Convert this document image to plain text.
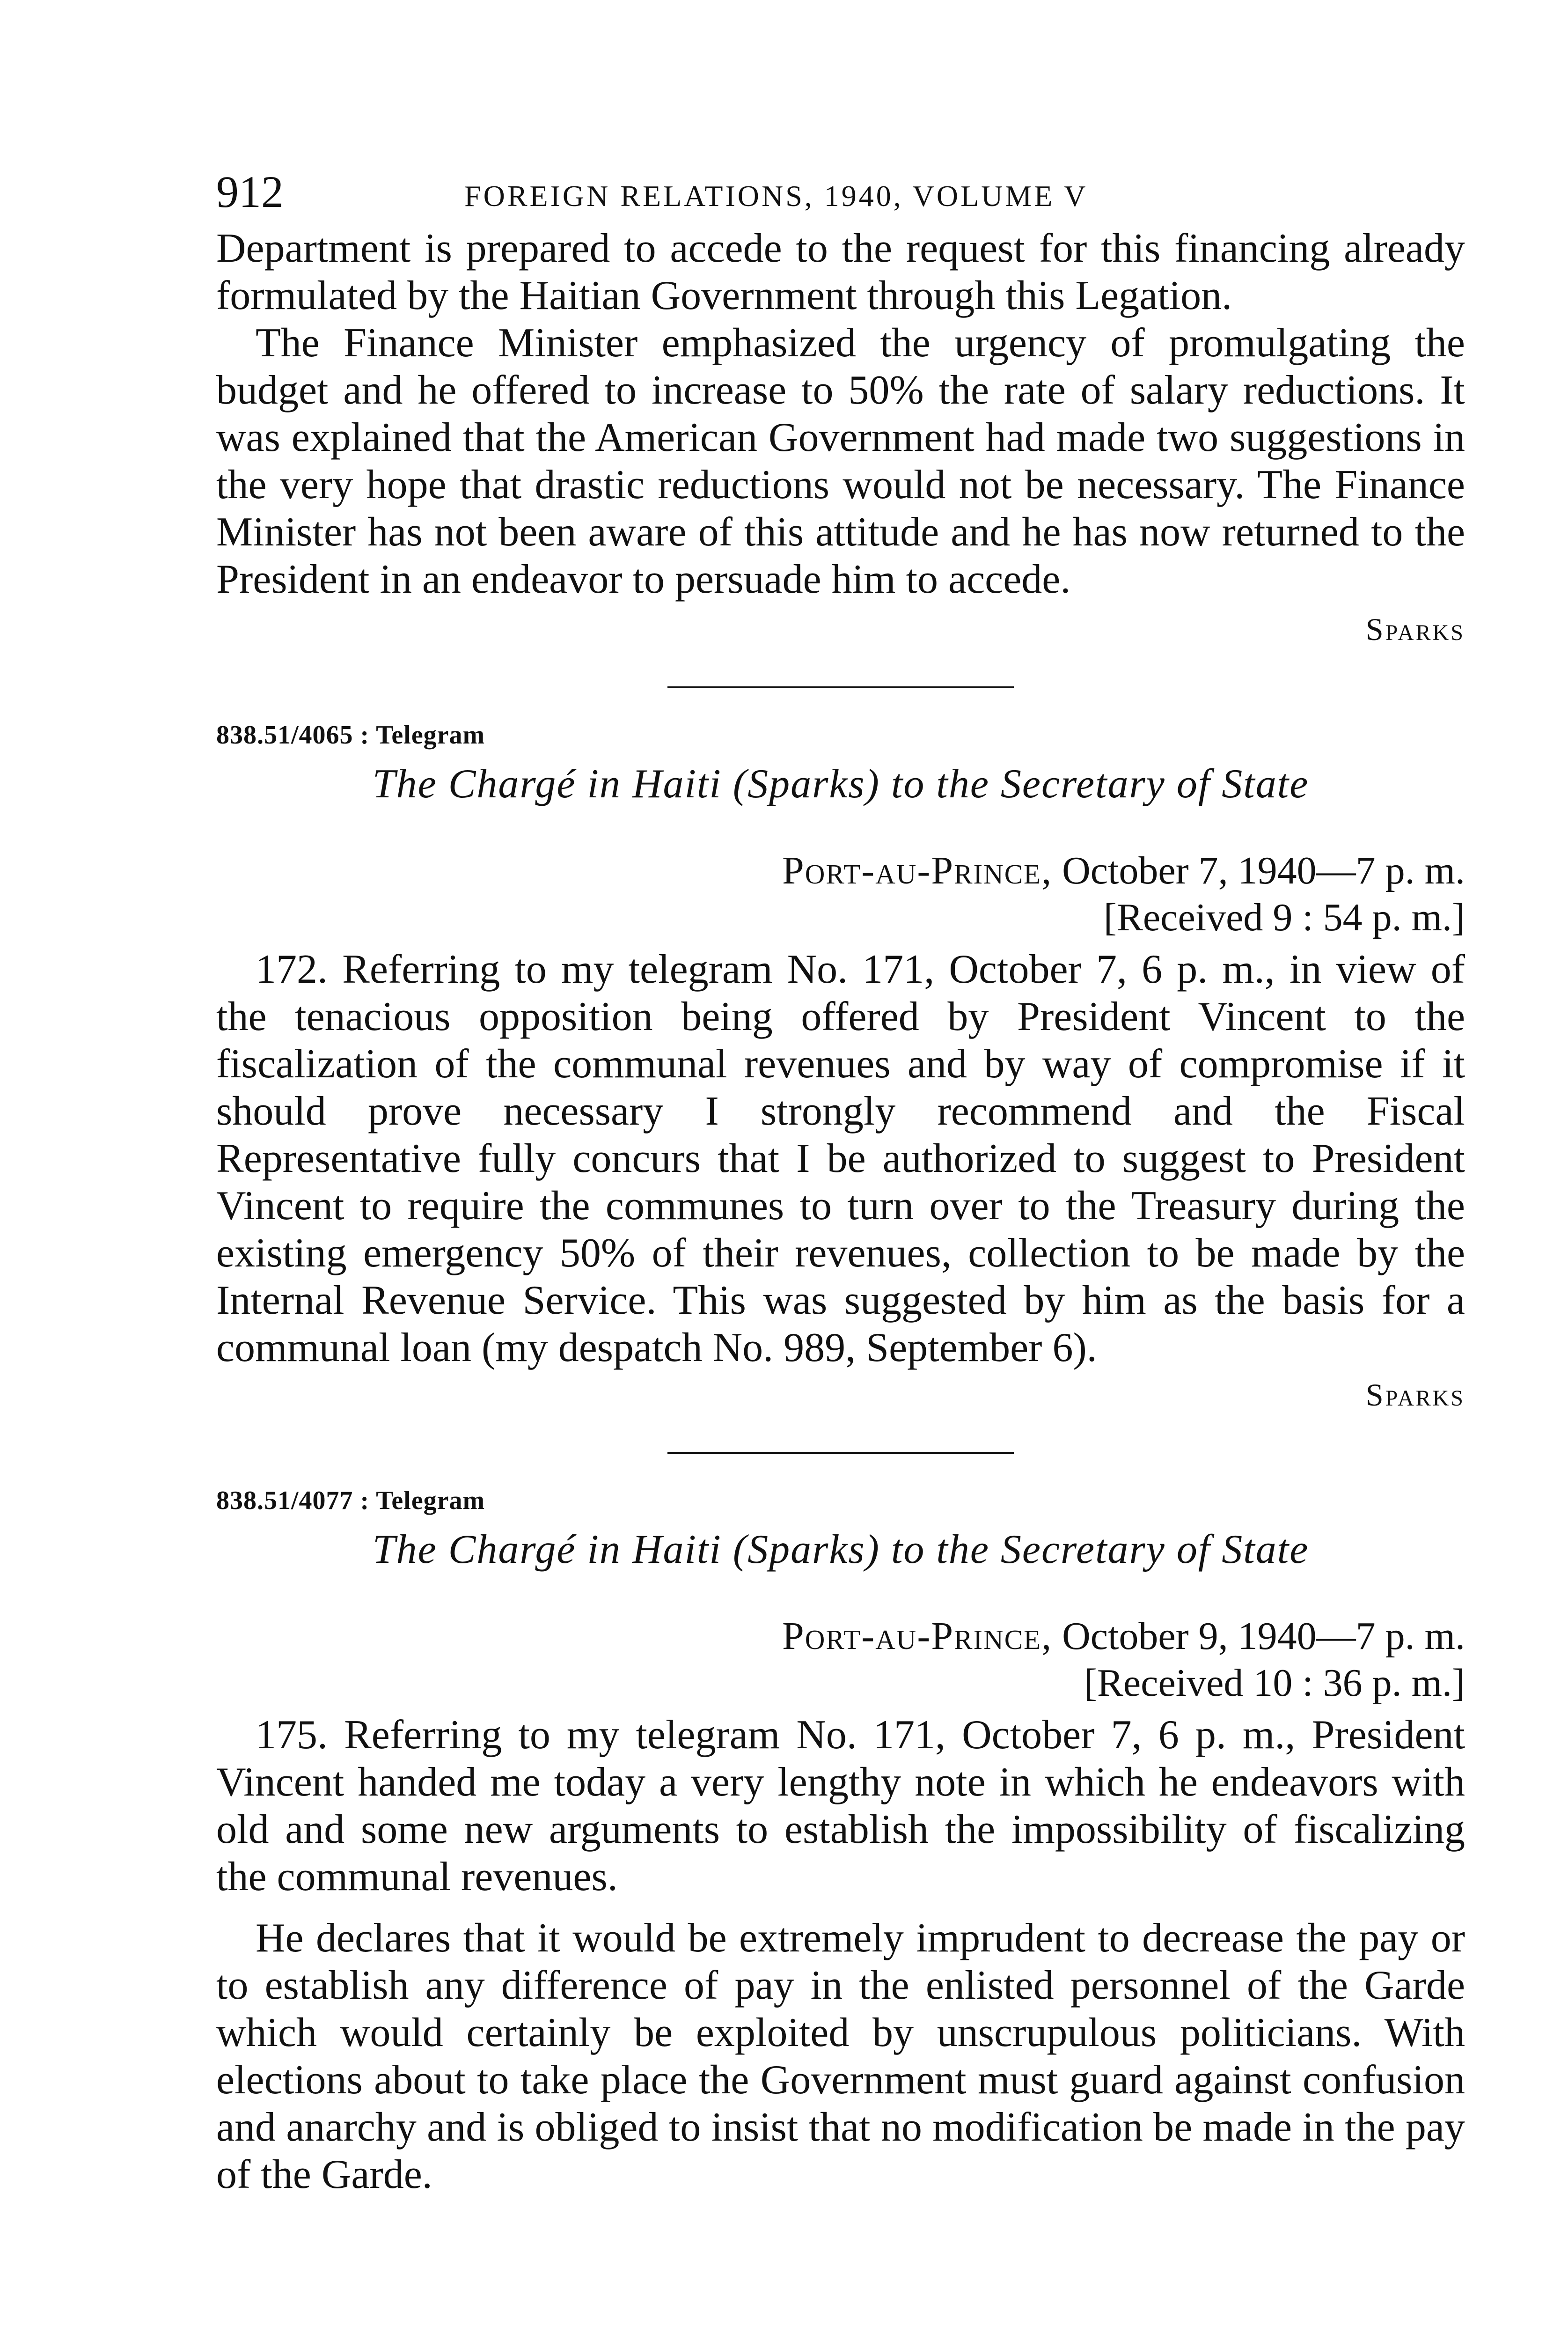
912	FOREIGN RELATIONS, 1940, VOLUME V

Department is prepared to accede to the request for this financing already formulated by the Haitian Government through this Legation.

The Finance Minister emphasized the urgency of promulgating the budget and he offered to increase to 50% the rate of salary reductions. It was explained that the American Government had made two suggestions in the very hope that drastic reductions would not be necessary. The Finance Minister has not been aware of this attitude and he has now returned to the President in an endeavor to persuade him to accede.

Sparks
838.51/4065 : Telegram
The Chargé in Haiti (Sparks) to the Secretary of State
Port-au-Prince, October 7, 1940—7 p. m.
[Received 9 : 54 p. m.]

172. Referring to my telegram No. 171, October 7, 6 p. m., in view of the tenacious opposition being offered by President Vincent to the fiscalization of the communal revenues and by way of compromise if it should prove necessary I strongly recommend and the Fiscal Representative fully concurs that I be authorized to suggest to President Vincent to require the communes to turn over to the Treasury during the existing emergency 50% of their revenues, collection to be made by the Internal Revenue Service. This was suggested by him as the basis for a communal loan (my despatch No. 989, September 6).

Sparks
838.51/4077 : Telegram
The Chargé in Haiti (Sparks) to the Secretary of State
Port-au-Prince, October 9, 1940—7 p. m.
[Received 10 : 36 p. m.]

175. Referring to my telegram No. 171, October 7, 6 p. m., President Vincent handed me today a very lengthy note in which he endeavors with old and some new arguments to establish the impossibility of fiscalizing the communal revenues.

He declares that it would be extremely imprudent to decrease the pay or to establish any difference of pay in the enlisted personnel of the Garde which would certainly be exploited by unscrupulous politicians. With elections about to take place the Government must guard against confusion and anarchy and is obliged to insist that no modification be made in the pay of the Garde.
